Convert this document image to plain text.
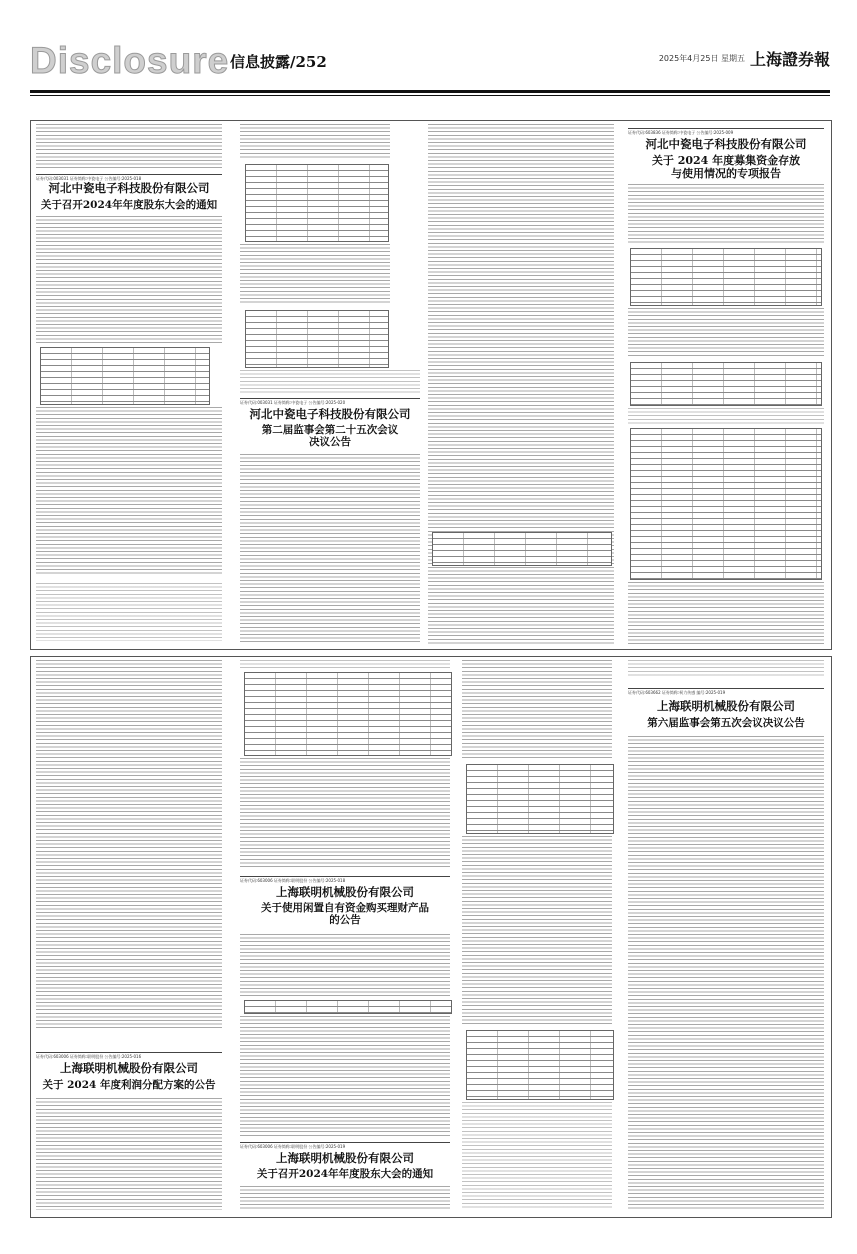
Disclosure 信息披露/252	2025年4月25日 星期五 上海證券報
证券代码:003031 证券简称:中瓷电子 公告编号:2025-018
河北中瓷电子科技股份有限公司
关于召开2024年年度股东大会的通知
证券代码:003031 证券简称:中瓷电子 公告编号:2025-020
河北中瓷电子科技股份有限公司
第二届监事会第二十五次会议
决议公告
证券代码:603836 证券简称:中瓷电子 公告编号:2025-009
河北中瓷电子科技股份有限公司
关于 2024 年度募集资金存放
与使用情况的专项报告
证券代码:603006 证券简称:联明股份 公告编号:2025-016
上海联明机械股份有限公司
关于 2024 年度利润分配方案的公告
证券代码:603006 证券简称:联明股份 公告编号:2025-018
上海联明机械股份有限公司
关于使用闲置自有资金购买理财产品
的公告
证券代码:603006 证券简称:联明股份 公告编号:2025-019
上海联明机械股份有限公司
关于召开2024年年度股东大会的通知
证券代码:603662 证券简称:柯力传感 编号:2025-019
上海联明机械股份有限公司
第六届监事会第五次会议决议公告
